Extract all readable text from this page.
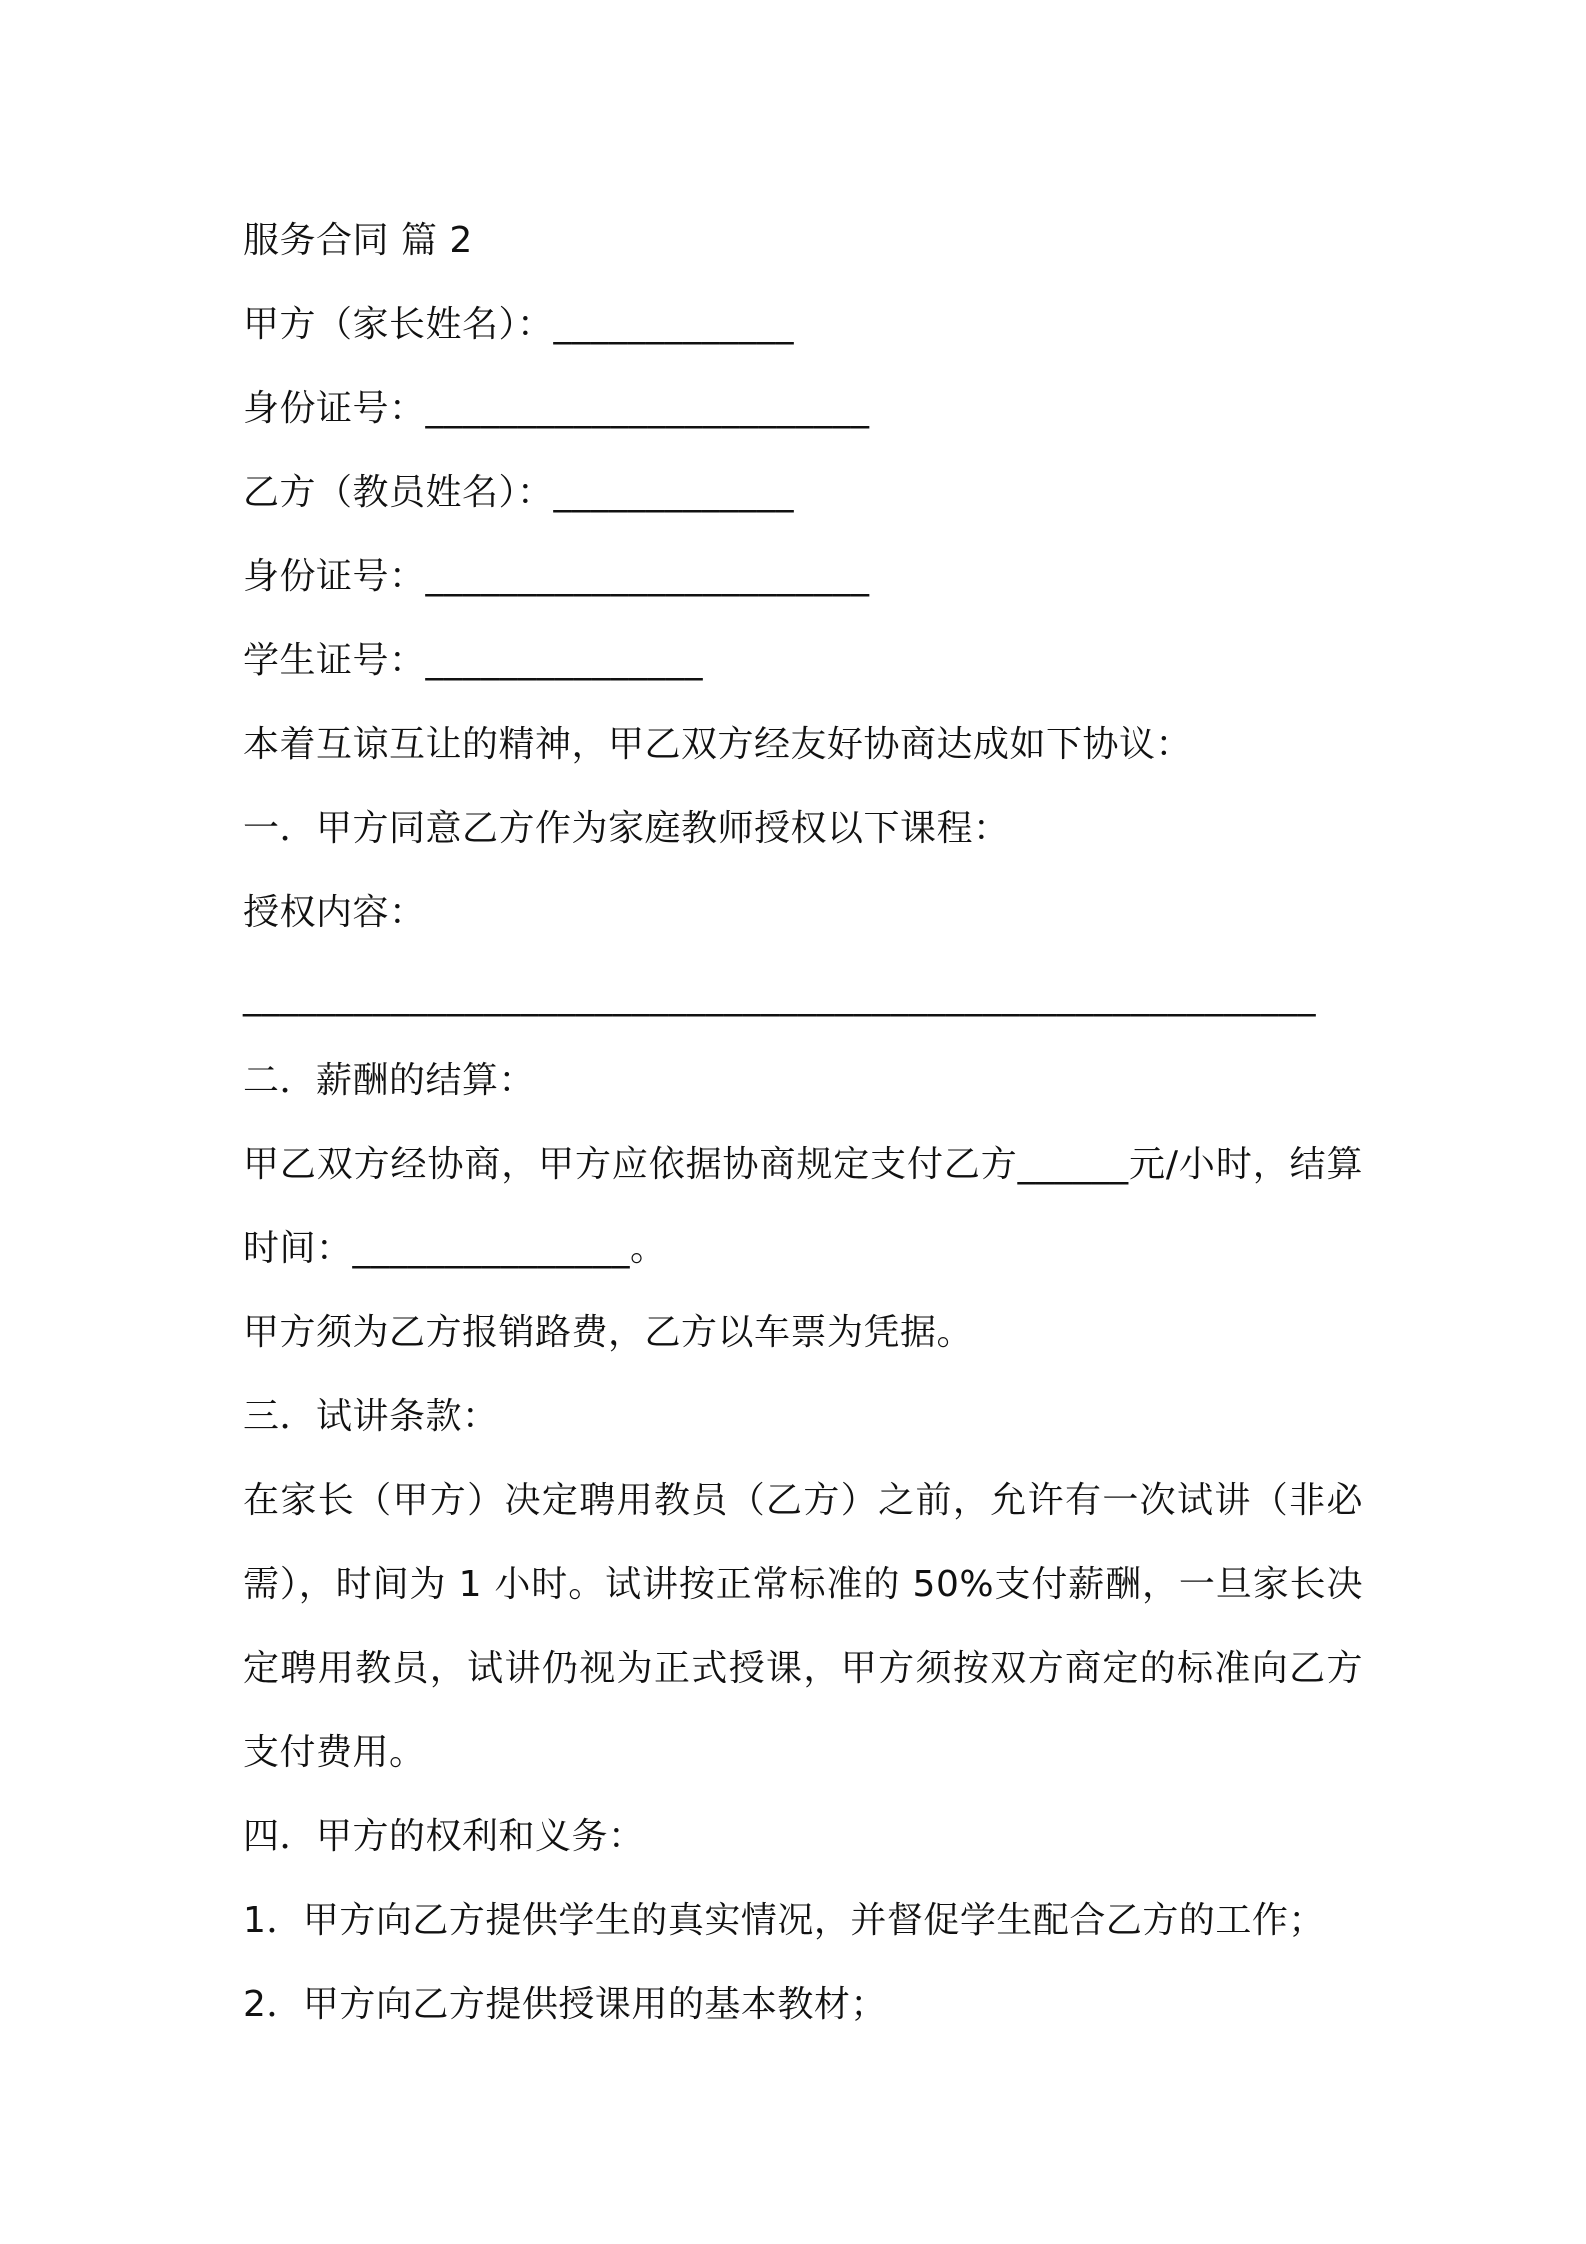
服务合同 篇 2
甲方（家长姓名）：_____________
身份证号：________________________
乙方（教员姓名）：_____________
身份证号：________________________
学生证号：_______________
本着互谅互让的精神，甲乙双方经友好协商达成如下协议：
一．甲方同意乙方作为家庭教师授权以下课程：
授权内容：
__________________________________________________________
二．薪酬的结算：
甲乙双方经协商，甲方应依据协商规定支付乙方______元/小时，结算时间：_______________。
甲方须为乙方报销路费，乙方以车票为凭据。
三．试讲条款：
在家长（甲方）决定聘用教员（乙方）之前，允许有一次试讲（非必需），时间为 1 小时。试讲按正常标准的 50%支付薪酬，一旦家长决定聘用教员，试讲仍视为正式授课，甲方须按双方商定的标准向乙方支付费用。
四．甲方的权利和义务：
1．甲方向乙方提供学生的真实情况，并督促学生配合乙方的工作；
2．甲方向乙方提供授课用的基本教材；
